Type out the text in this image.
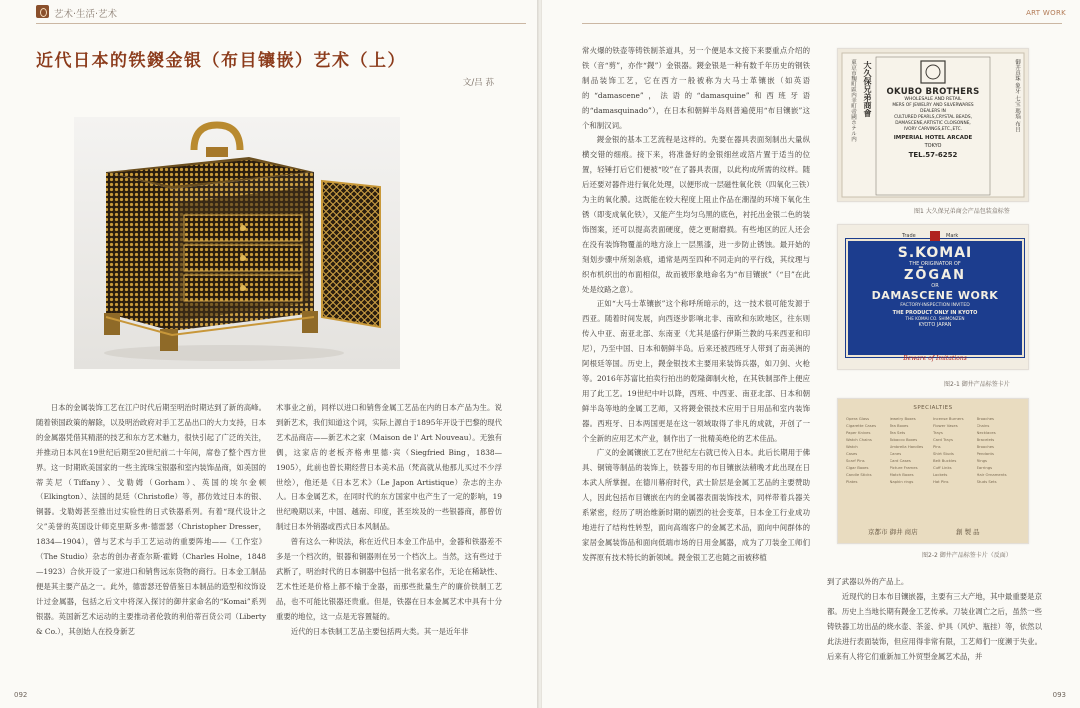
艺术·生活·艺术
近代日本的铁鍐金银（布目镶嵌）艺术（上）
文/吕 荪

日本的金属装饰工艺在江户时代后期至明治时期达到了新的高峰。随着锁国政策的解除，以及明治政府对手工艺品出口的大力支持，日本的金属器凭借其精湛的技艺和东方艺术魅力，很快引起了广泛的关注，并推动日本风在19世纪后期至20世纪前二十年间，席卷了整个西方世界。这一时期欧美国家的一些主流珠宝银器和室内装饰品商，如美国的蒂芙尼（Tiffany）、戈勒姆（Gorham）、英国的埃尔金顿（Elkington）、法国的昆廷（Christofle）等，都仿效过日本的银、铜器。戈勒姆甚至推出过实验性的日式铁器系列。有着“现代设计之父”美誉的英国设计师克里斯多弗·德雷瑟（Christopher Dresser，1834—1904），曾与艺术与手工艺运动的重要阵地——《工作室》（The Studio）杂志的创办者查尔斯·霍姆（Charles Holne，1848—1923）合伙开设了一家进口和销售远东货物的商行。日本金工制品便是其主要产品之一。此外，德雷瑟还曾借鉴日本制品的造型和纹饰设计过金属器，包括之后文中将深入探讨的御井家命名的“Komai”系列银器。英国新艺术运动的主要推动者伦敦的利伯蒂百货公司（Liberty & Co.），其创始人在投身新艺

术事业之前，同样以进口和销售金属工艺品在内的日本产品为生。说到新艺术，我们知道这个词，实际上源自于1895年开设于巴黎的现代艺术品商店——新艺术之家（Maison de l' Art Nouveau）。无独有偶，这家店的老板齐格弗里德·宾（Siegfried Bing，1838—1905），此前也曾长期经营日本美术品（梵高就从他那儿买过不少浮世绘），他还是《日本艺术》（Le Japon Artistique）杂志的主办人。日本金属艺术，在同时代的东方国家中也产生了一定的影响，19世纪晚期以来，中国、越南、印度，甚至埃及的一些银器商，都曾仿制过日本外销器或西式日本风制品。

曾有这么一种说法，称在近代日本金工作品中，金器和铁器差不多是一个档次的，银器和铜器则在另一个档次上。当然，这有些过于武断了，明治时代的日本铜器中包括一批名家名作，无论在稀缺性、艺术性还是价格上都不输于金器，而那些批量生产的廉价铁制工艺品，也不可能比银器还贵重。但是，铁器在日本金属艺术中具有十分重要的地位，这一点是无容置疑的。

近代的日本铁制工艺品主要包括两大类。其一是近年非

092
ART WORK

常火爆的铁壶等铸铁制茶道具，另一个便是本文接下来要重点介绍的铁（音“剪”，亦作“鍐”）金银器。鍐金银是一种有数千年历史的钢铁制品装饰工艺，它在西方一般被称为大马士革镶嵌（如英语的“damascene”，法语的“damasquine”和西班牙语的“damasquinado”），在日本和朝鲜半岛则普遍使用“布目镶嵌”这个和制汉词。

鍐金银的基本工艺流程是这样的。先要在器具表面刻制出大量纵横交错的细痕。接下来，将准备好的金银细丝或箔片置于适当的位置，轻锤打后它们便被“咬”在了器具表面，以此构成所需的纹样。随后还要对器件进行氧化处理，以便形成一层磁性氧化铁（四氧化三铁）为主的氧化膜。这既能在较大程度上阻止作品在潮湿的环境下氧化生锈（即变成氧化铁），又能产生均匀乌黑的底色，衬托出金银二色的装饰图案，还可以提高表面硬度，使之更耐磨损。有些地区的匠人还会在没有装饰物覆盖的地方涂上一层黑漆，进一步防止锈蚀。最开始的刻划步骤中所刻条痕，通常是两至四种不同走向的平行线，其纹理与织布机织出的布面相似，故而被形象地命名为“布目镶嵌”（“目”在此处是纹路之意）。

正如“大马士革镶嵌”这个称呼所暗示的，这一技术很可能发源于西亚。随着时间发展，向西逐步影响北非、南欧和东欧地区，往东则传入中亚、南亚北部、东南亚（尤其是盛行伊斯兰教的马来西亚和印尼），乃至中国、日本和朝鲜半岛。后来还被西班牙人带到了南美洲的阿根廷等国。历史上，鍐金银技术主要用来装饰兵器，如刀剑、火枪等。2016年苏富比拍卖行拍出的乾隆御制火枪，在其铁制部件上便应用了此工艺。19世纪中叶以降，西班、中西亚、南亚北部、日本和朝鲜半岛等地的金属工艺师，又将鍐金银技术应用于日用品和室内装饰器。西班牙、日本两国更是在这一领域取得了非凡的成就，开创了一个全新的应用艺术产业，制作出了一批精美绝伦的艺术佳品。

广义的金属镶嵌工艺在7世纪左右就已传入日本。此后长期用于佛具、铜镜等制品的装饰上，铁器专用的布目镶嵌法稍晚才此出现在日本武人所掌握。在德川幕府时代，武士阶层是金属工艺品的主要赞助人，因此包括布目镶嵌在内的金属器表面装饰技术，同样带着兵器关系紧密，经历了明治维新时期的剧烈的社会变革，日本金工行业成功地进行了结构性转型，面向高端客户的金属艺术品，面向中间群体的家居金属装饰品和面向低端市场的日用金属器，成为了刀装金工师们发挥原有技术特长的新领域。鍐金银工艺也随之而被移植

東京市麴町區内幸町帝國ホテル内 大久保兄弟商會	御井真珠 象牙 七宝 瑪瑙 布目
OKUBO BROTHERS
WHOLESALE AND RETAIL
MERS OF JEWELRY AND SILVERWARES
DEALERS IN
CULTURED PEARLS,CRYSTAL BEADS,
DAMASCENE,ARTISTIC CLOISONNE,
IVORY CARVINGS,ETC.,ETC.
IMPERIAL HOTEL ARCADE
TOKYO
TEL.57-6252
图1 大久保兄弟商会产品包装盒标签
Trade	Mark
S.KOMAI
THE ORIGINATOR OF
ZŌGAN
OR
DAMASCENE WORK
FACTORY-INSPECTION INVITED
THE PRODUCT ONLY IN KYOTO
THE KOMAI CO. SHIMONZEN
KYOTO JAPAN
Beware of Imitations
图2-1 御井产品标签卡片
SPECIALTIES
Opera Glass	Jewelry Boxes	Incense Burners	Broaches
Cigarette Cases	Tea Boxes	Flower Vases	Chains
Paper Knives	Tea Sets	Trays	Necklaces
Watch Chains	Tobacco Boxes	Card Trays	Bracelets
Watch	Umbrella Handles	Pins	Brooches
Cases	Canes	Shirt Studs	Pendants
Scarf Pins	Card Cases	Belt Buckles	Rings
Cigar Boxes	Picture Frames	Cuff Links	Earrings
Candle Sticks	Match Boxes	Lockets	Hair Ornaments
Plates	Napkin rings	Hat Pins	Studs Sets
京都市 御井 商店	創 製 品
图2-2 御井产品标签卡片（反面）

到了武器以外的产品上。

近现代的日本布目镶嵌器，主要有三大产地，其中最重要是京都。历史上当地长期有鍐金工艺传承。刀装业凋亡之后，虽然一些铸铁器工坊出品的烧水壶、茶釜、炉具（风炉、瓶挂）等，依然以此法进行表面装饰，但应用得非常有限，工艺师们一度濒于失业。后来有人将它们重新加工外贸型金属艺术品，并

093
